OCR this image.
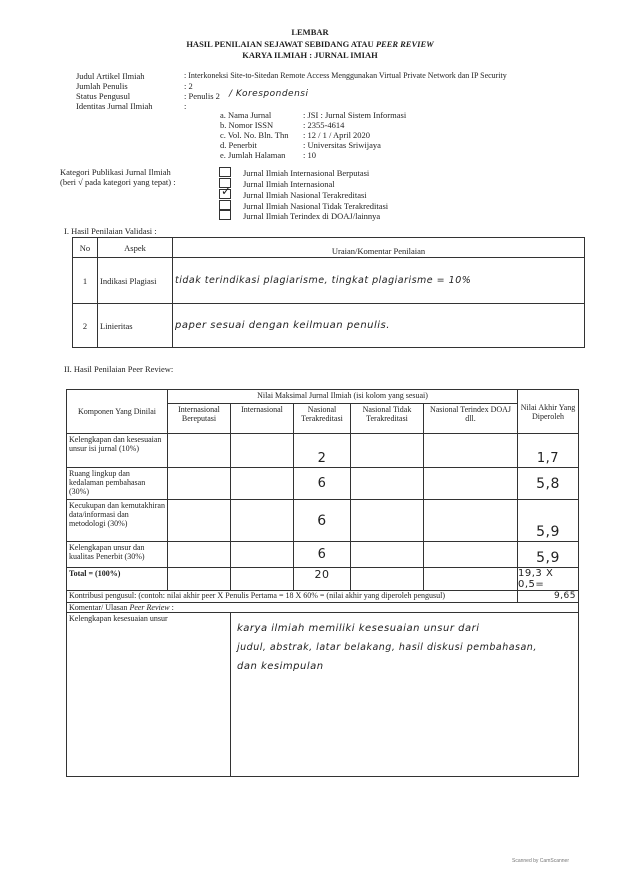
LEMBAR
HASIL PENILAIAN SEJAWAT SEBIDANG ATAU PEER REVIEW
KARYA ILMIAH : JURNAL IMIAH
Judul Artikel Ilmiah	: Interkoneksi Site-to-Sitedan Remote Access Menggunakan Virtual Private Network dan IP Security
Jumlah Penulis	: 2
Status Pengusul	: Penulis 2 / Korespondensi
Identitas Jurnal Ilmiah	:
a. Nama Jurnal	: JSI : Jurnal Sistem Informasi
b. Nomor ISSN	: 2355-4614
c. Vol. No. Bln. Thn : 12 / 1 / April 2020
d. Penerbit	: Universitas Sriwijaya
e. Jumlah Halaman : 10
Kategori Publikasi Jurnal Ilmiah
(beri √ pada kategori yang tepat) :
Jurnal Ilmiah Internasional Berputasi
Jurnal Ilmiah Internasional
✓ Jurnal Ilmiah Nasional Terakreditasi
Jurnal Ilmiah Nasional Tidak Terakreditasi
Jurnal Ilmiah Terindex di DOAJ/lainnya
I. Hasil Penilaian Validasi :
No	Aspek	Uraian/Komentar Penilaian
1	Indikasi Plagiasi	tidak terindikasi plagiarisme, tingkat plagiarisme = 10%
2	Linieritas	paper sesuai dengan keilmuan penulis.
II. Hasil Penilaian Peer Review:
Komponen Yang Dinilai	Nilai Maksimal Jurnal Ilmiah (isi kolom yang sesuai)					Nilai Akhir Yang Diperoleh
	Internasional Bereputasi	Internasional	Nasional Terakreditasi	Nasional Tidak Terakreditasi	Nasional Terindex DOAJ dll.	
Kelengkapan dan kesesuaian unsur isi jurnal (10%)			2			1,7
Ruang lingkup dan kedalaman pembahasan (30%)			6			5,8
Kecukupan dan kemutakhiran data/informasi dan metodologi (30%)			6			5,9
Kelengkapan unsur dan kualitas Penerbit (30%)			6			5,9
Total = (100%)			20			19,3 X 0,5=
Kontribusi pengusul: (contoh: nilai akhir peer X Penulis Pertama = 18 X 60% = (nilai akhir yang diperoleh pengusul)						9,65
Komentar/ Ulasan Peer Review :						
Kelengkapan kesesuaian unsur		karya ilmiah memiliki kesesuaian unsur dari
judul, abstrak, latar belakang, hasil diskusi pembahasan,
dan kesimpulan				
Scanned by CamScanner
